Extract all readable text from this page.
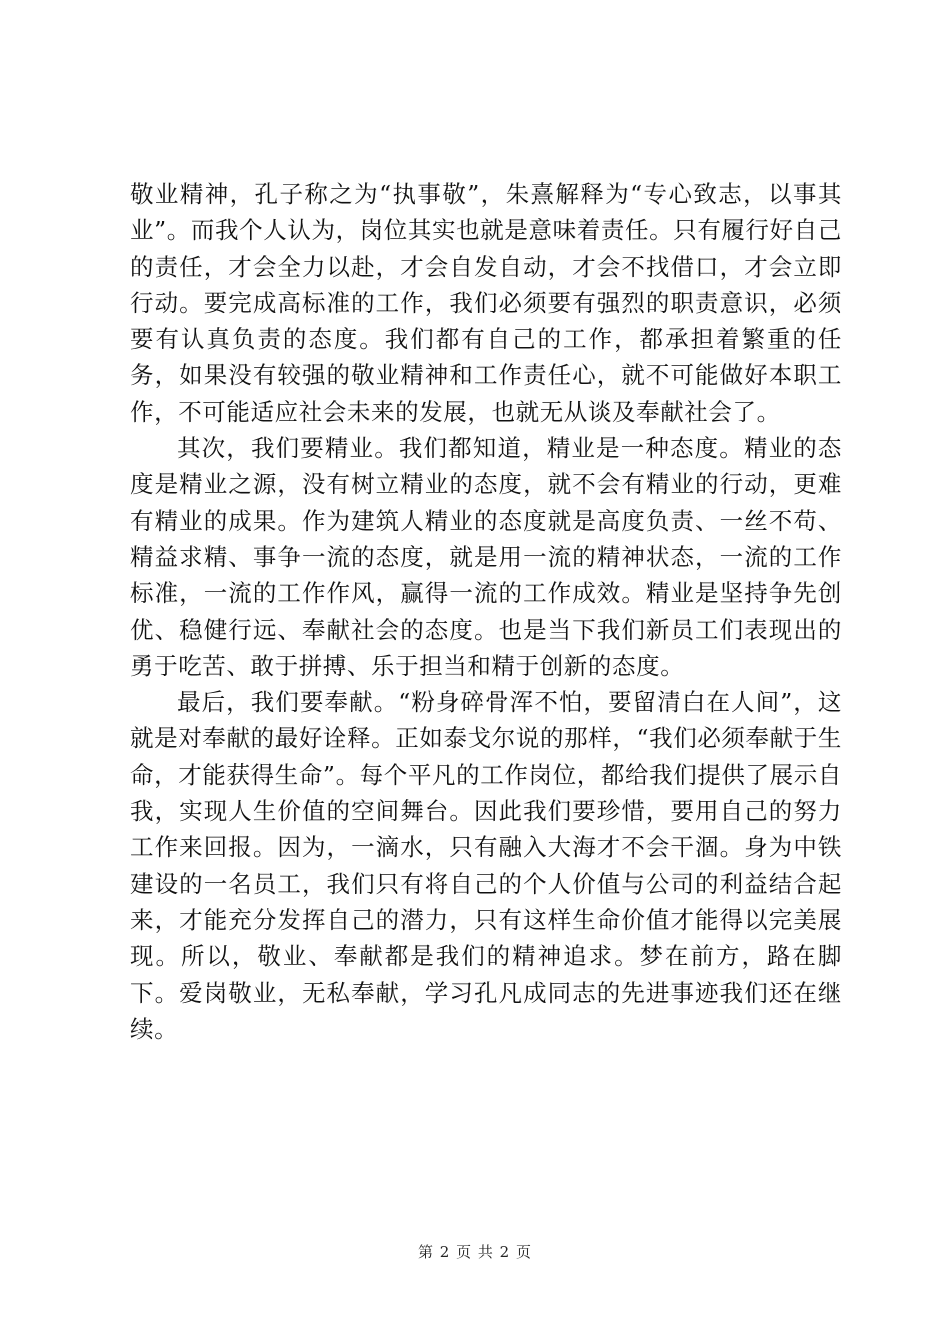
敬业精神，孔子称之为“执事敬”，朱熹解释为“专心致志，以事其业”。而我个人认为，岗位其实也就是意味着责任。只有履行好自己的责任，才会全力以赴，才会自发自动，才会不找借口，才会立即行动。要完成高标准的工作，我们必须要有强烈的职责意识，必须要有认真负责的态度。我们都有自己的工作，都承担着繁重的任务，如果没有较强的敬业精神和工作责任心，就不可能做好本职工作，不可能适应社会未来的发展，也就无从谈及奉献社会了。

其次，我们要精业。我们都知道，精业是一种态度。精业的态度是精业之源，没有树立精业的态度，就不会有精业的行动，更难有精业的成果。作为建筑人精业的态度就是高度负责、一丝不苟、精益求精、事争一流的态度，就是用一流的精神状态，一流的工作标准，一流的工作作风，赢得一流的工作成效。精业是坚持争先创优、稳健行远、奉献社会的态度。也是当下我们新员工们表现出的勇于吃苦、敢于拼搏、乐于担当和精于创新的态度。

最后，我们要奉献。“粉身碎骨浑不怕，要留清白在人间”，这就是对奉献的最好诠释。正如泰戈尔说的那样，“我们必须奉献于生命，才能获得生命”。每个平凡的工作岗位，都给我们提供了展示自我，实现人生价值的空间舞台。因此我们要珍惜，要用自己的努力工作来回报。因为，一滴水，只有融入大海才不会干涸。身为中铁建设的一名员工，我们只有将自己的个人价值与公司的利益结合起来，才能充分发挥自己的潜力，只有这样生命价值才能得以完美展现。所以，敬业、奉献都是我们的精神追求。梦在前方，路在脚下。爱岗敬业，无私奉献，学习孔凡成同志的先进事迹我们还在继续。

第 2 页 共 2 页
